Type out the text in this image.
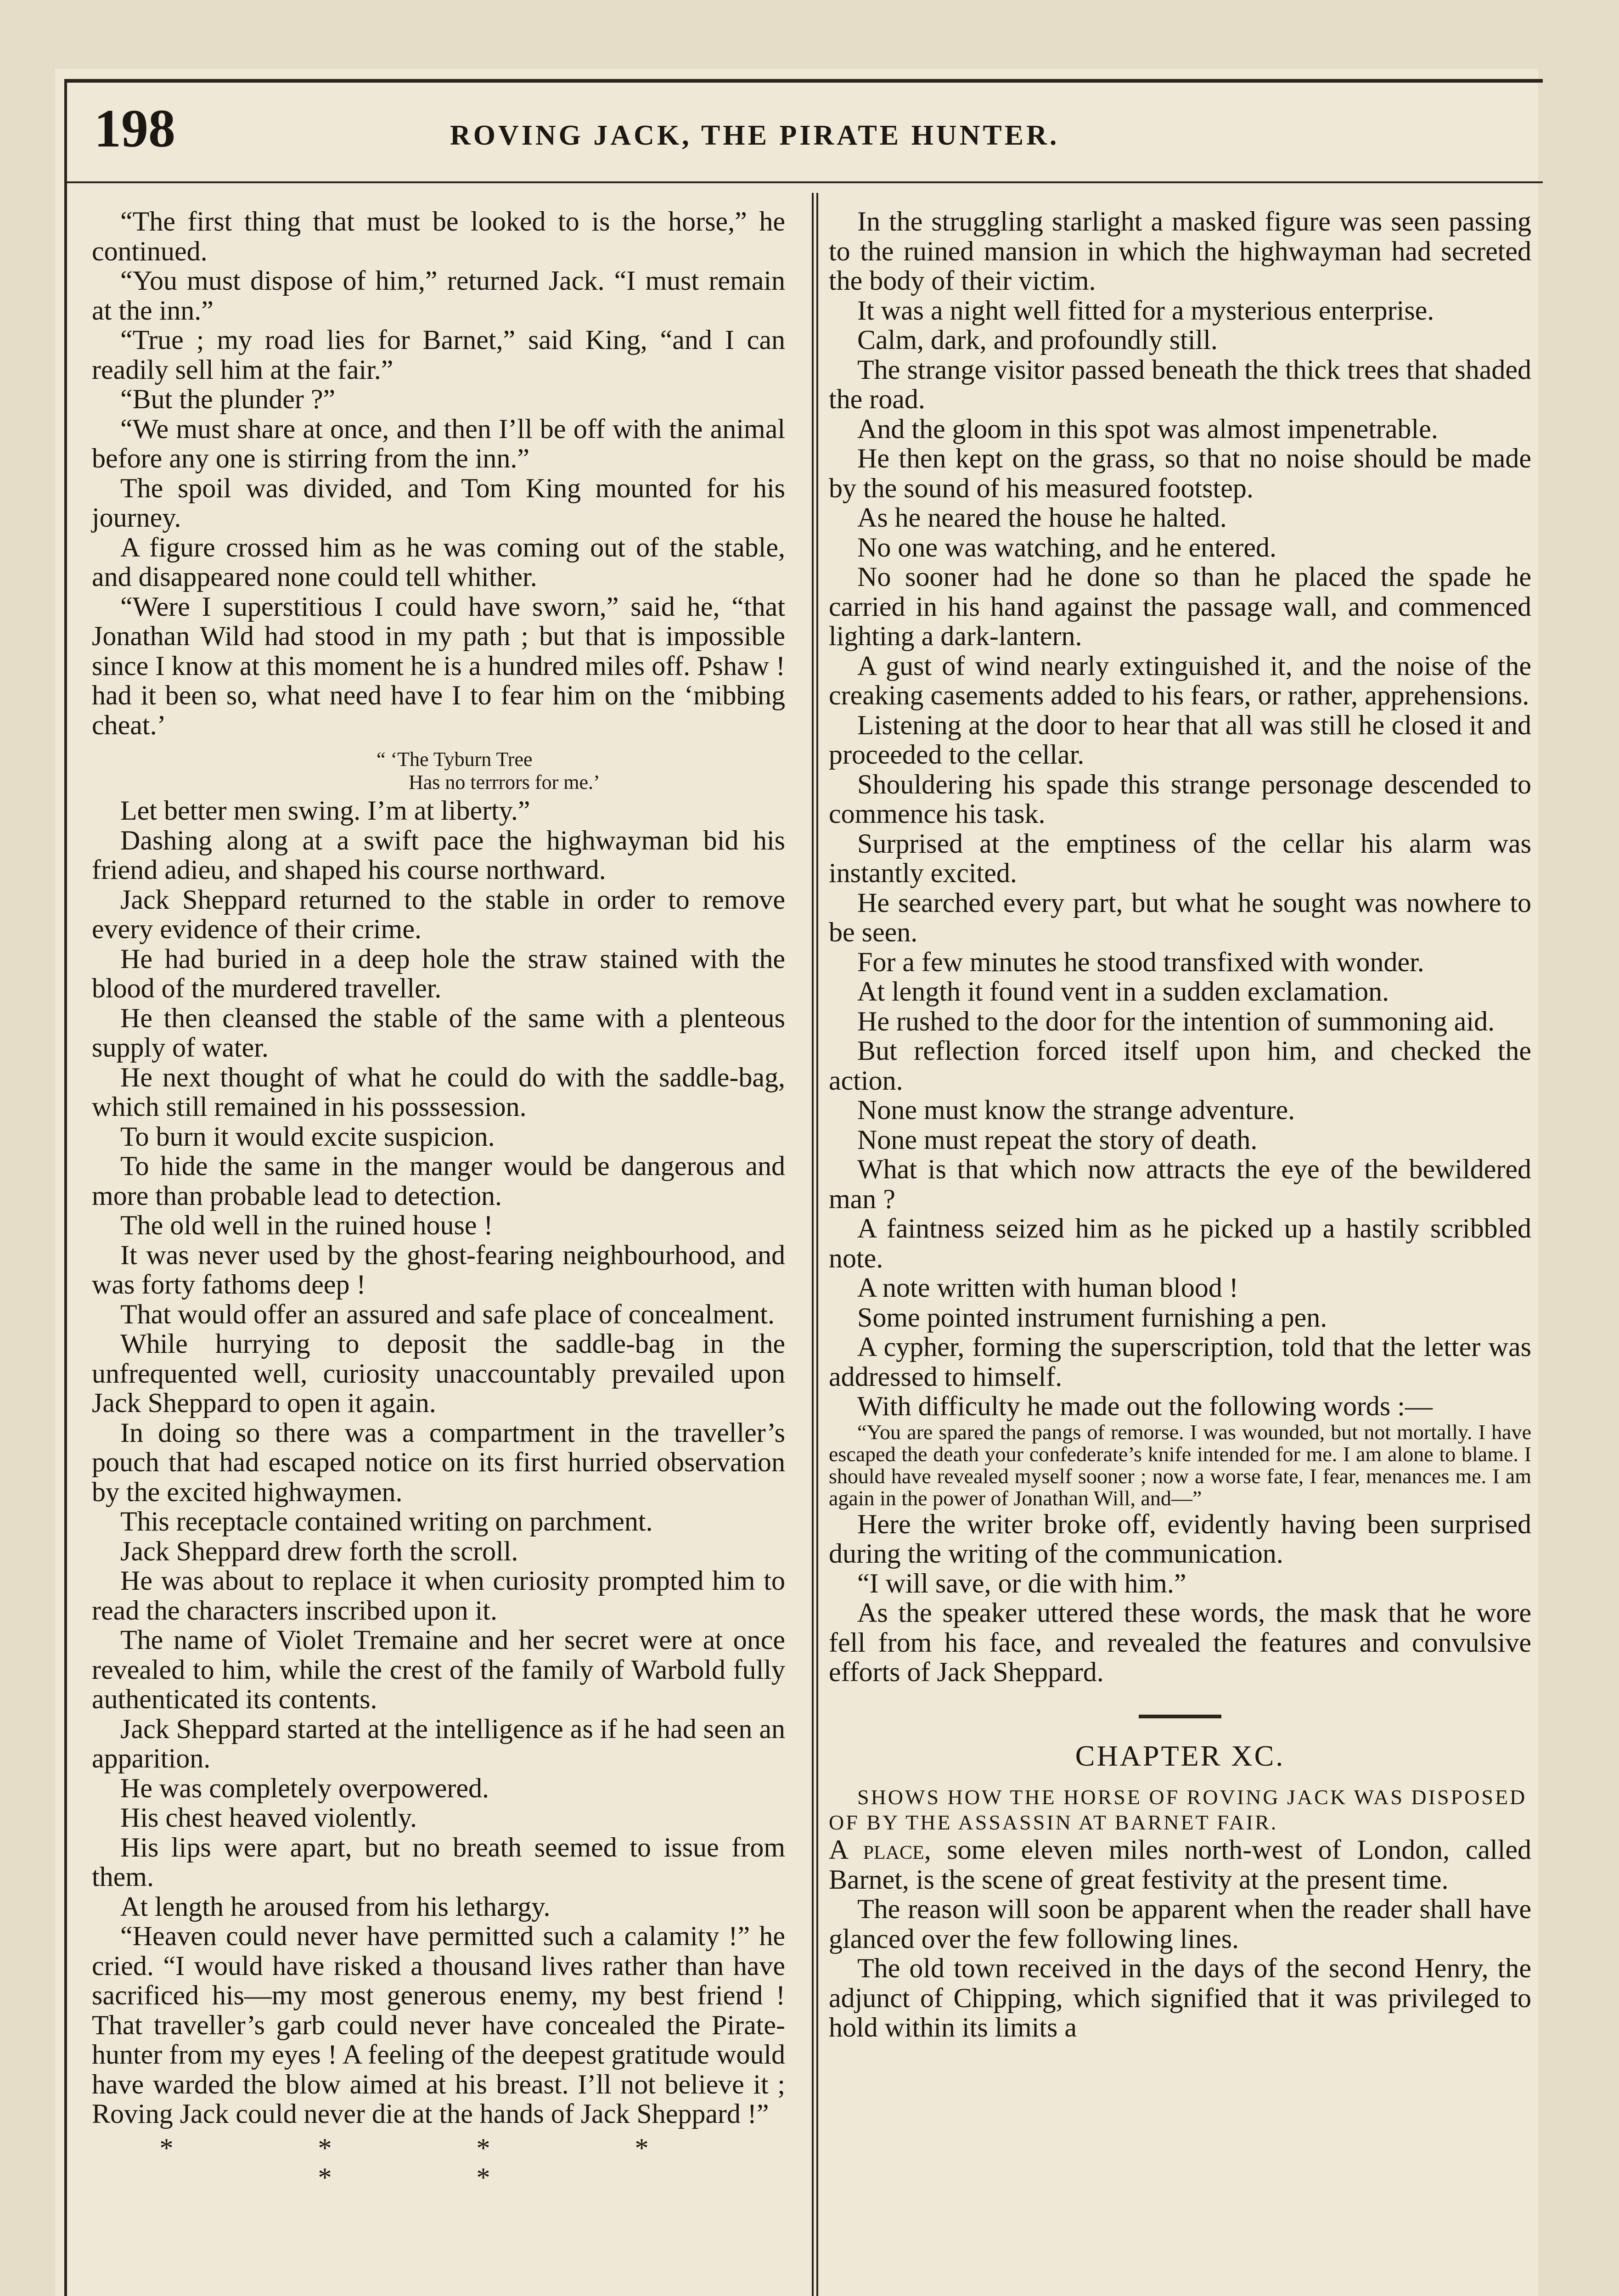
198	ROVING JACK, THE PIRATE HUNTER.

“The first thing that must be looked to is the horse,” he continued.

“You must dispose of him,” returned Jack. “I must remain at the inn.”

“True ; my road lies for Barnet,” said King, “and I can readily sell him at the fair.”

“But the plunder ?”

“We must share at once, and then I’ll be off with the animal before any one is stirring from the inn.”

The spoil was divided, and Tom King mounted for his journey.

A figure crossed him as he was coming out of the stable, and disappeared none could tell whither.

“Were I superstitious I could have sworn,” said he, “that Jonathan Wild had stood in my path ; but that is impossible since I know at this moment he is a hundred miles off. Pshaw ! had it been so, what need have I to fear him on the ‘mibbing cheat.’

“ ‘The Tyburn Tree
Has no terrrors for me.’

Let better men swing. I’m at liberty.”

Dashing along at a swift pace the highwayman bid his friend adieu, and shaped his course northward.

Jack Sheppard returned to the stable in order to remove every evidence of their crime.

He had buried in a deep hole the straw stained with the blood of the murdered traveller.

He then cleansed the stable of the same with a plenteous supply of water.

He next thought of what he could do with the saddle-bag, which still remained in his posssession.

To burn it would excite suspicion.

To hide the same in the manger would be dangerous and more than probable lead to detection.

The old well in the ruined house !

It was never used by the ghost-fearing neighbourhood, and was forty fathoms deep !

That would offer an assured and safe place of concealment.

While hurrying to deposit the saddle-bag in the unfrequented well, curiosity unaccountably prevailed upon Jack Sheppard to open it again.

In doing so there was a compartment in the traveller’s pouch that had escaped notice on its first hurried observation by the excited highwaymen.

This receptacle contained writing on parchment.

Jack Sheppard drew forth the scroll.

He was about to replace it when curiosity prompted him to read the characters inscribed upon it.

The name of Violet Tremaine and her secret were at once revealed to him, while the crest of the family of Warbold fully authenticated its contents.

Jack Sheppard started at the intelligence as if he had seen an apparition.

He was completely overpowered.

His chest heaved violently.

His lips were apart, but no breath seemed to issue from them.

At length he aroused from his lethargy.

“Heaven could never have permitted such a calamity !” he cried. “I would have risked a thousand lives rather than have sacrificed his—my most generous enemy, my best friend ! That traveller’s garb could never have concealed the Pirate-hunter from my eyes ! A feeling of the deepest gratitude would have warded the blow aimed at his breast. I’ll not believe it ; Roving Jack could never die at the hands of Jack Sheppard !”

* * * * * *

In the struggling starlight a masked figure was seen passing to the ruined mansion in which the highwayman had secreted the body of their victim.

It was a night well fitted for a mysterious enterprise.

Calm, dark, and profoundly still.

The strange visitor passed beneath the thick trees that shaded the road.

And the gloom in this spot was almost impenetrable.

He then kept on the grass, so that no noise should be made by the sound of his measured footstep.

As he neared the house he halted.

No one was watching, and he entered.

No sooner had he done so than he placed the spade he carried in his hand against the passage wall, and commenced lighting a dark-lantern.

A gust of wind nearly extinguished it, and the noise of the creaking casements added to his fears, or rather, apprehensions.

Listening at the door to hear that all was still he closed it and proceeded to the cellar.

Shouldering his spade this strange personage descended to commence his task.

Surprised at the emptiness of the cellar his alarm was instantly excited.

He searched every part, but what he sought was nowhere to be seen.

For a few minutes he stood transfixed with wonder.

At length it found vent in a sudden exclamation.

He rushed to the door for the intention of summoning aid.

But reflection forced itself upon him, and checked the action.

None must know the strange adventure.

None must repeat the story of death.

What is that which now attracts the eye of the bewildered man ?

A faintness seized him as he picked up a hastily scribbled note.

A note written with human blood !

Some pointed instrument furnishing a pen.

A cypher, forming the superscription, told that the letter was addressed to himself.

With difficulty he made out the following words :—

“You are spared the pangs of remorse. I was wounded, but not mortally. I have escaped the death your confederate’s knife intended for me. I am alone to blame. I should have revealed myself sooner ; now a worse fate, I fear, menances me. I am again in the power of Jonathan Will, and—”

Here the writer broke off, evidently having been surprised during the writing of the communication.

“I will save, or die with him.”

As the speaker uttered these words, the mask that he wore fell from his face, and revealed the features and convulsive efforts of Jack Sheppard.

CHAPTER XC.

SHOWS HOW THE HORSE OF ROVING JACK WAS DISPOSED OF BY THE ASSASSIN AT BARNET FAIR.

A place, some eleven miles north-west of London, called Barnet, is the scene of great festivity at the present time.

The reason will soon be apparent when the reader shall have glanced over the few following lines.

The old town received in the days of the second Henry, the adjunct of Chipping, which signified that it was privileged to hold within its limits a
